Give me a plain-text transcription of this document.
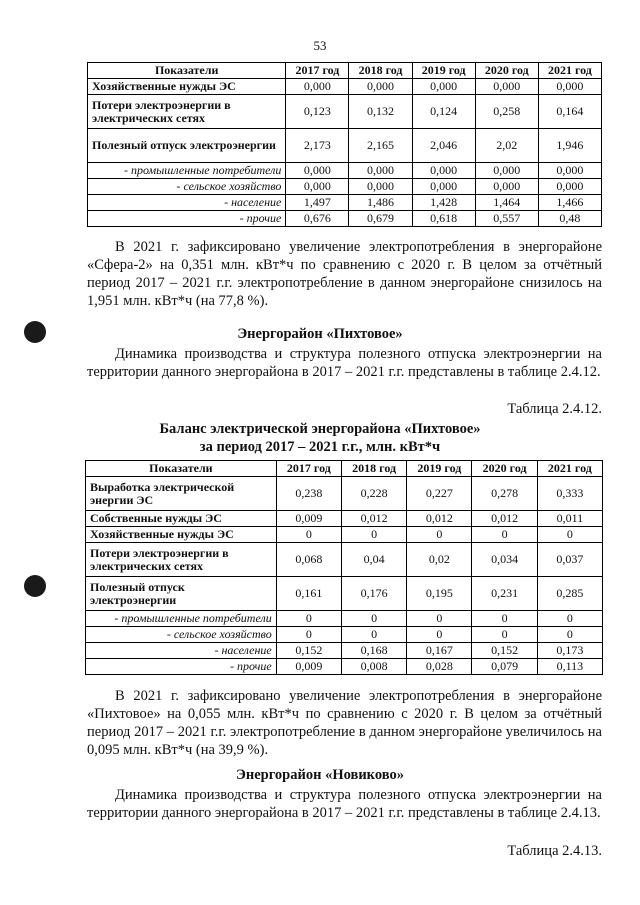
53
Показатели	2017 год	2018 год	2019 год	2020 год	2021 год
Хозяйственные нужды ЭС	0,000	0,000	0,000	0,000	0,000
Потери электроэнергии в электрических сетях	0,123	0,132	0,124	0,258	0,164
Полезный отпуск электроэнергии	2,173	2,165	2,046	2,02	1,946
- промышленные потребители	0,000	0,000	0,000	0,000	0,000
- сельское хозяйство	0,000	0,000	0,000	0,000	0,000
- население	1,497	1,486	1,428	1,464	1,466
- прочие	0,676	0,679	0,618	0,557	0,48

В 2021 г. зафиксировано увеличение электропотребления в энергорайоне «Сфера-2» на 0,351 млн. кВт*ч по сравнению с 2020 г. В целом за отчётный период 2017 – 2021 г.г. электропотребление в данном энергорайоне снизилось на 1,951 млн. кВт*ч (на 77,8 %).

Энергорайон «Пихтовое»

Динамика производства и структура полезного отпуска электроэнергии на территории данного энергорайона в 2017 – 2021 г.г. представлены в таблице 2.4.12.

Таблица 2.4.12.
Баланс электрической энергорайона «Пихтовое»
за период 2017 – 2021 г.г., млн. кВт*ч
Показатели	2017 год	2018 год	2019 год	2020 год	2021 год
Выработка электрической энергии ЭС	0,238	0,228	0,227	0,278	0,333
Собственные нужды ЭС	0,009	0,012	0,012	0,012	0,011
Хозяйственные нужды ЭС	0	0	0	0	0
Потери электроэнергии в электрических сетях	0,068	0,04	0,02	0,034	0,037
Полезный отпуск электроэнергии	0,161	0,176	0,195	0,231	0,285
- промышленные потребители	0	0	0	0	0
- сельское хозяйство	0	0	0	0	0
- население	0,152	0,168	0,167	0,152	0,173
- прочие	0,009	0,008	0,028	0,079	0,113

В 2021 г. зафиксировано увеличение электропотребления в энергорайоне «Пихтовое» на 0,055 млн. кВт*ч по сравнению с 2020 г. В целом за отчётный период 2017 – 2021 г.г. электропотребление в данном энергорайоне увеличилось на 0,095 млн. кВт*ч (на 39,9 %).

Энергорайон «Новиково»

Динамика производства и структура полезного отпуска электроэнергии на территории данного энергорайона в 2017 – 2021 г.г. представлены в таблице 2.4.13.

Таблица 2.4.13.
